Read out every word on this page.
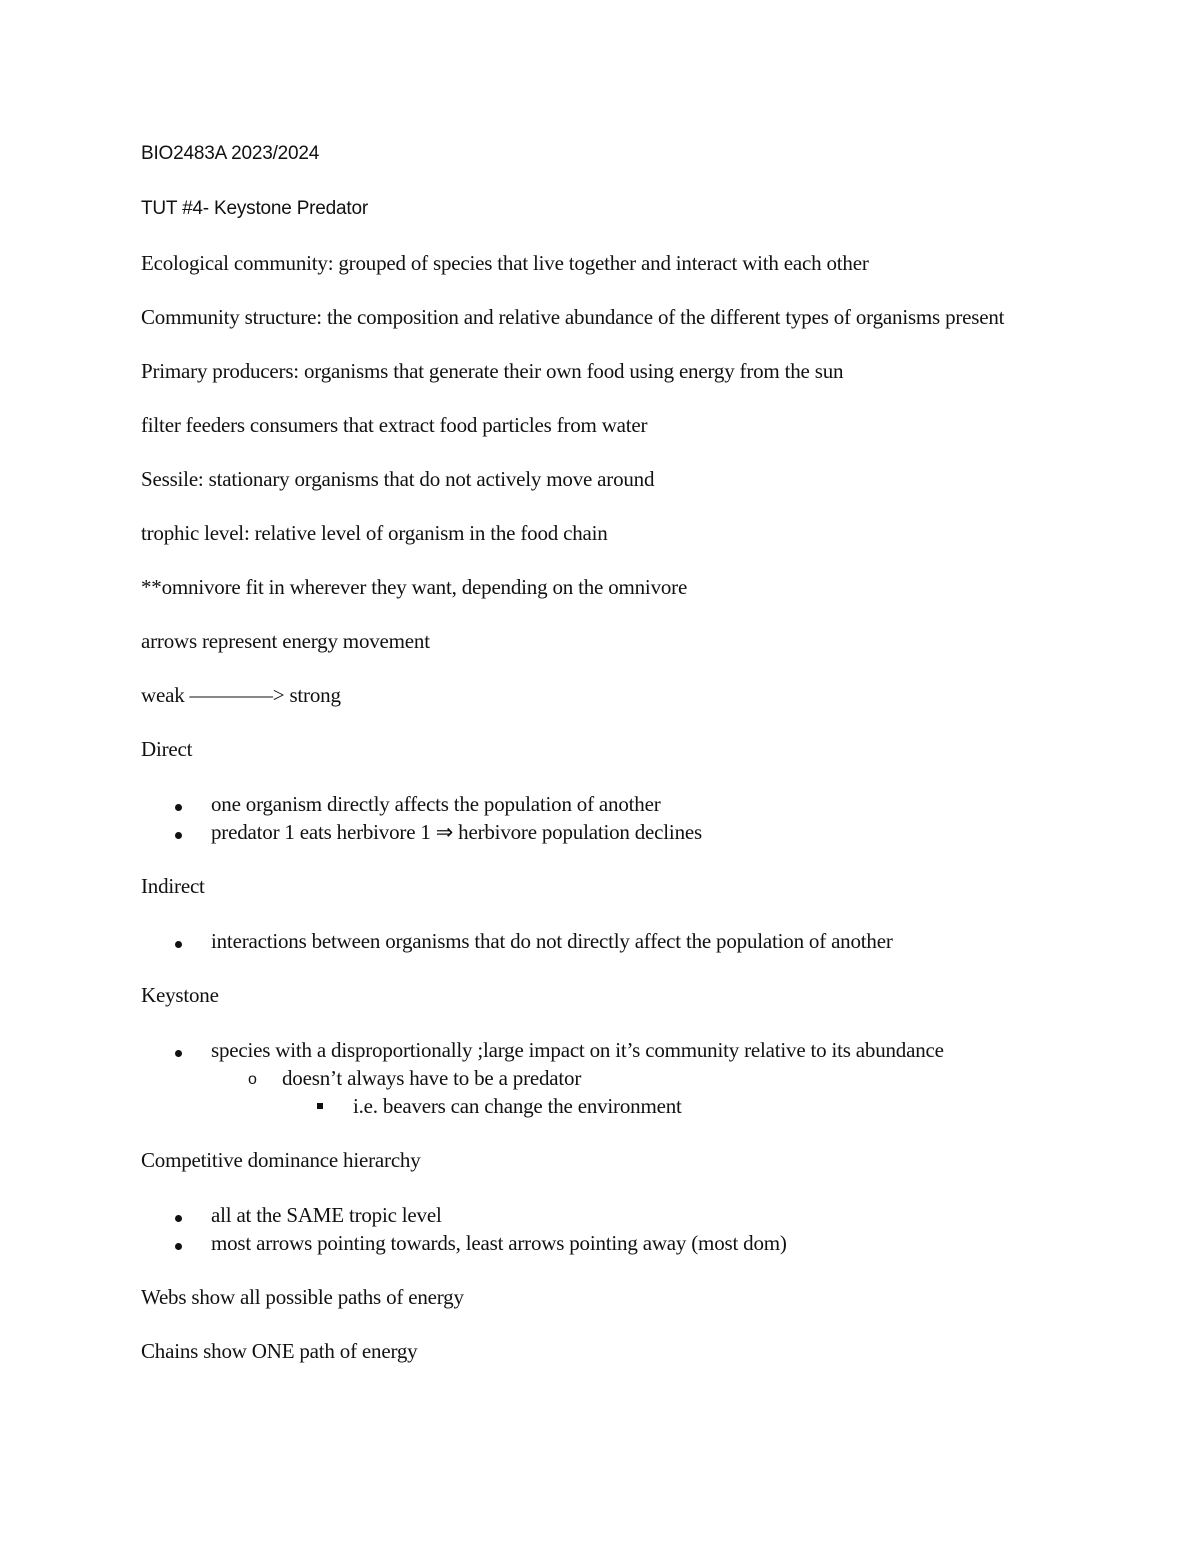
BIO2483A 2023/2024

TUT #4- Keystone Predator

Ecological community: grouped of species that live together and interact with each other

Community structure: the composition and relative abundance of the different types of organisms present

Primary producers: organisms that generate their own food using energy from the sun

filter feeders consumers that extract food particles from water

Sessile: stationary organisms that do not actively move around

trophic level: relative level of organism in the food chain

**omnivore fit in wherever they want, depending on the omnivore

arrows represent energy movement

weak ————> strong

Direct

one organism directly affects the population of another
predator 1 eats herbivore 1 ⇒ herbivore population declines

Indirect

interactions between organisms that do not directly affect the population of another

Keystone

species with a disproportionally ;large impact on it’s community relative to its abundance
o doesn’t always have to be a predator
i.e. beavers can change the environment

Competitive dominance hierarchy

all at the SAME tropic level
most arrows pointing towards, least arrows pointing away (most dom)

Webs show all possible paths of energy

Chains show ONE path of energy
